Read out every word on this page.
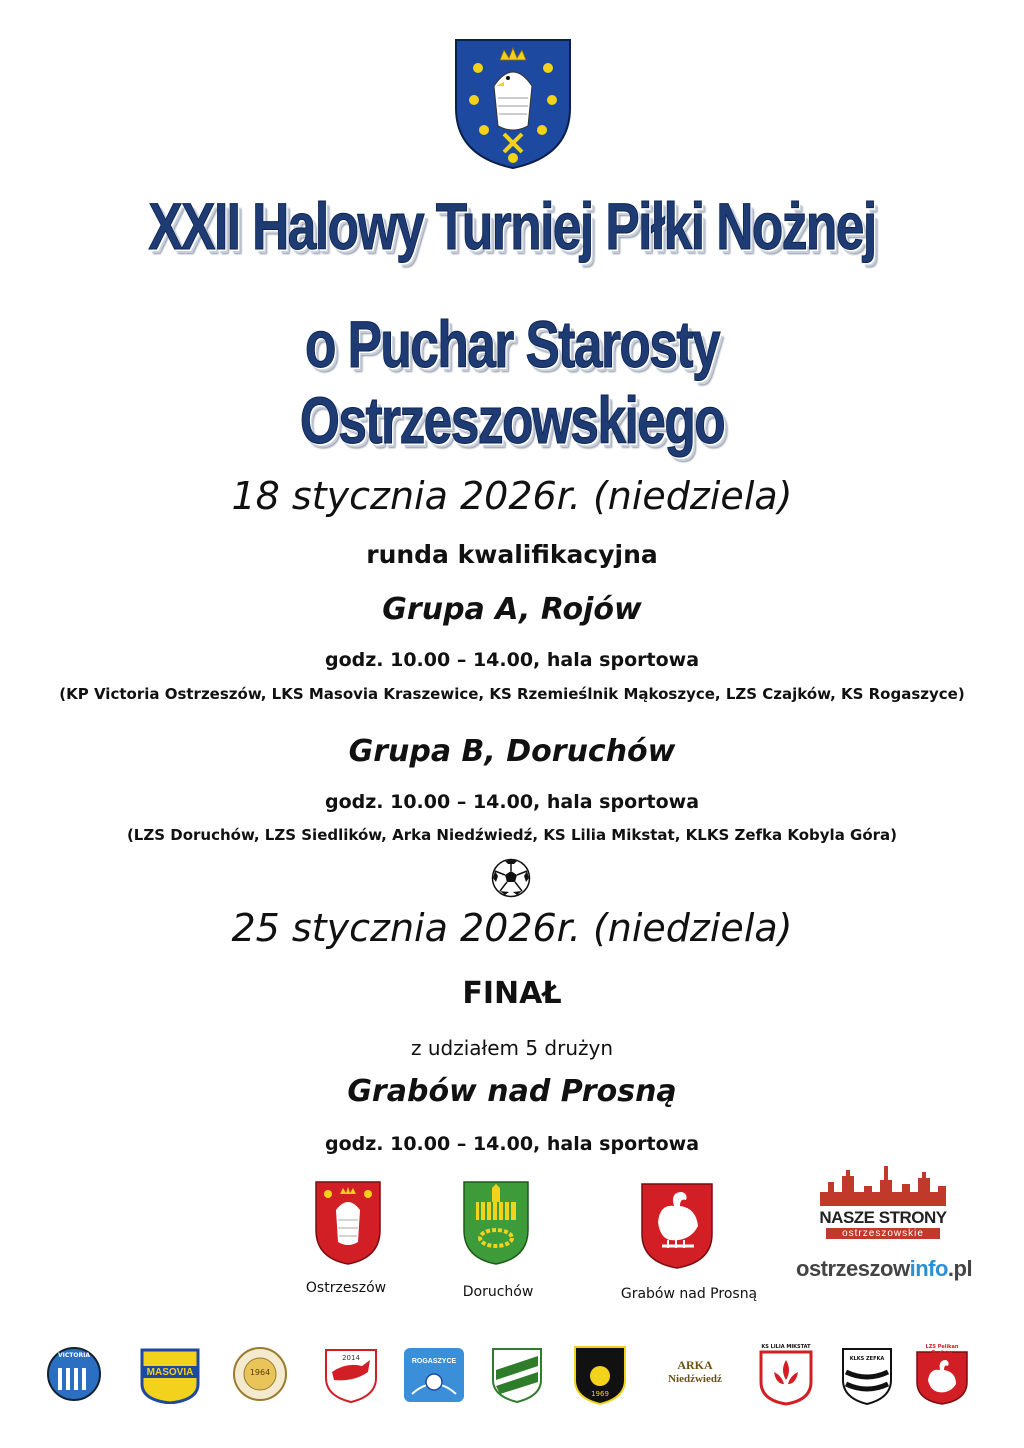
XXII Halowy Turniej Piłki Nożnej
o Puchar Starosty Ostrzeszowskiego
18 stycznia 2026r. (niedziela)
runda kwalifikacyjna
Grupa A, Rojów
godz. 10.00 – 14.00, hala sportowa
(KP Victoria Ostrzeszów, LKS Masovia Kraszewice, KS Rzemieślnik Mąkoszyce, LZS Czajków, KS Rogaszyce)
Grupa B, Doruchów
godz. 10.00 – 14.00, hala sportowa
(LZS Doruchów, LZS Siedlików, Arka Niedźwiedź, KS Lilia Mikstat, KLKS Zefka Kobyla Góra)
25 stycznia 2026r. (niedziela)
FINAŁ
z udziałem 5 drużyn
Grabów nad Prosną
godz. 10.00 – 14.00, hala sportowa
Ostrzeszów	Doruchów	Grabów nad Prosną
NASZE STRONY
ostrzeszowskie
ostrzeszowinfo.pl
VICTORIA
MASOVIA	1964
2014	ROGASZYCE
1969
ARKA
Niedźwiedź
KS LILIA MIKSTAT
KLKS ZEFKA
LZS Pelikan Grabów
